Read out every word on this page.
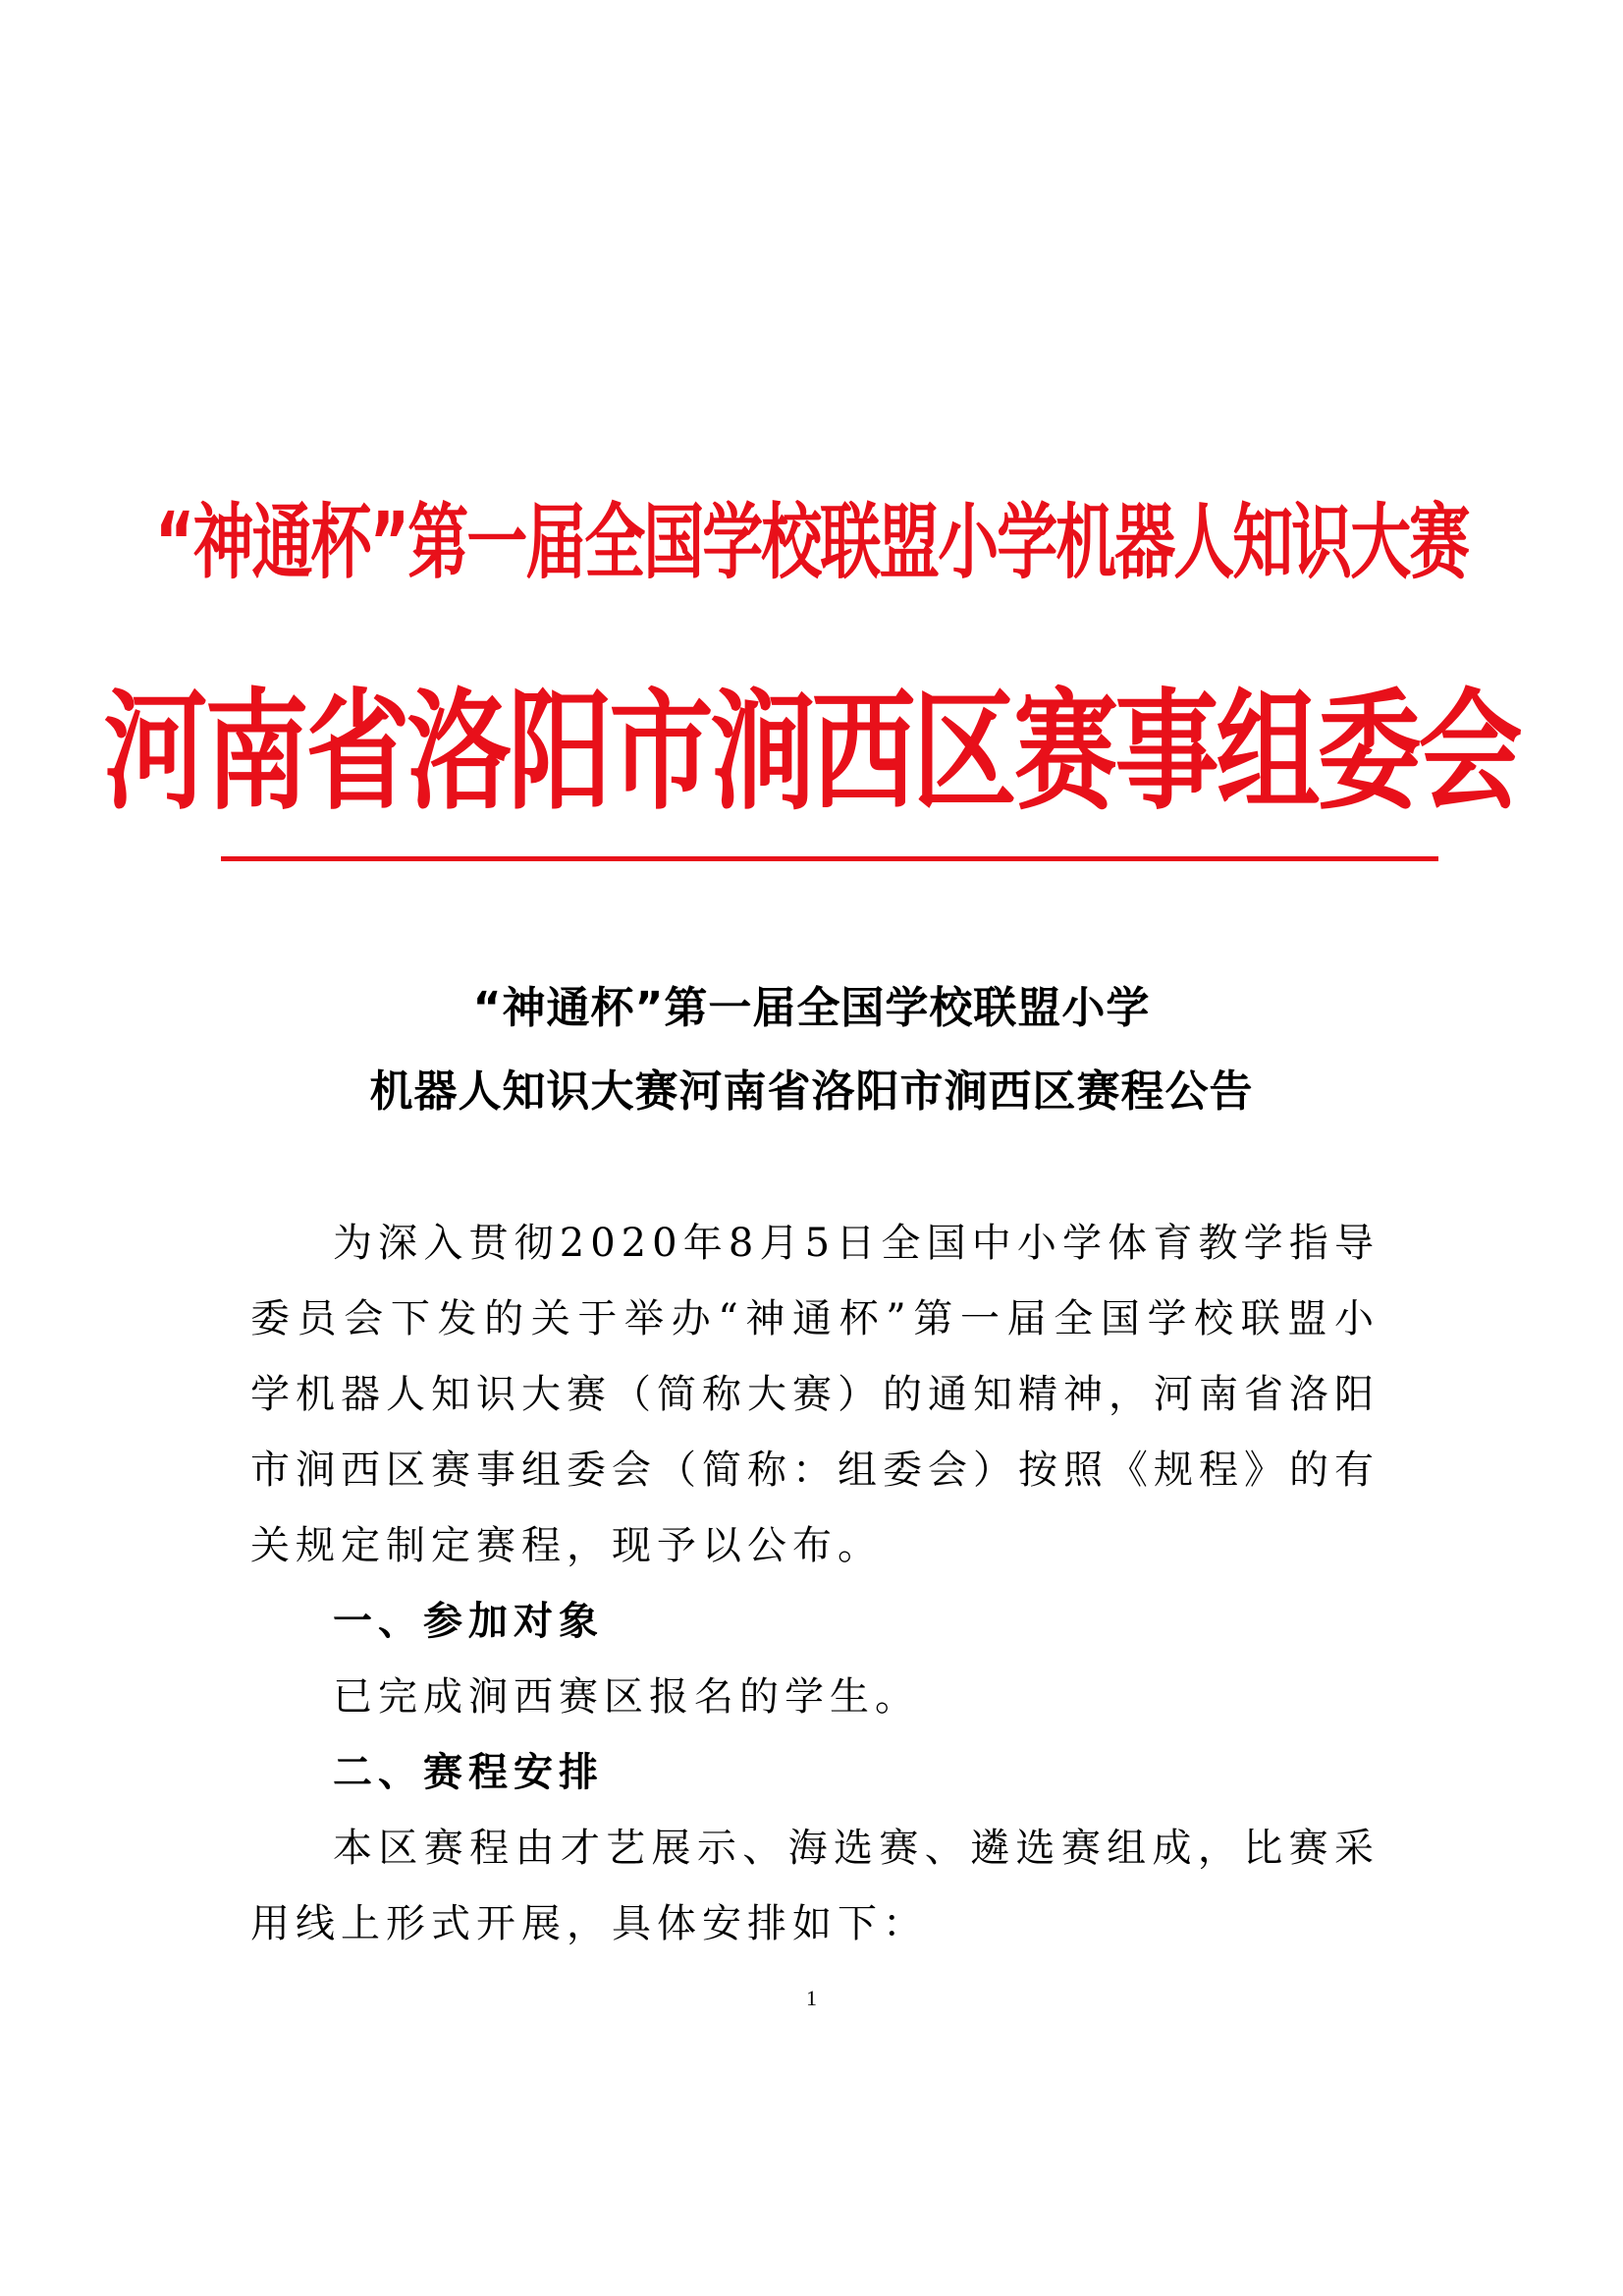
“神通杯”第一届全国学校联盟小学机器人知识大赛
河南省洛阳市涧西区赛事组委会
“神通杯”第一届全国学校联盟小学
机器人知识大赛河南省洛阳市涧西区赛程公告

为深入贯彻2020年8月5日全国中小学体育教学指导委员会下发的关于举办“神通杯”第一届全国学校联盟小学机器人知识大赛（简称大赛）的通知精神，河南省洛阳市涧西区赛事组委会（简称：组委会）按照《规程》的有关规定制定赛程，现予以公布。

一、参加对象

已完成涧西赛区报名的学生。

二、赛程安排

本区赛程由才艺展示、海选赛、遴选赛组成，比赛采用线上形式开展，具体安排如下：

1
